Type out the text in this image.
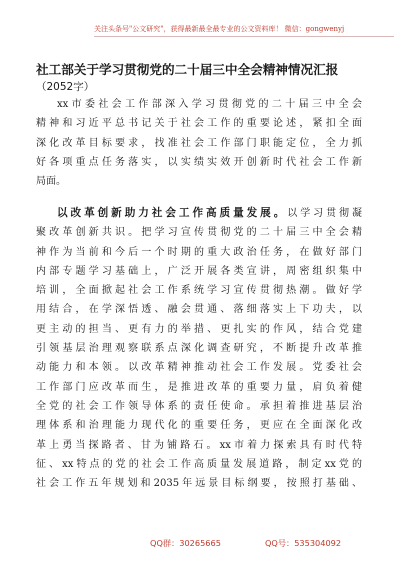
关注头条号"公文研究"，获得最新最全最专业的公文资料库！ 微信：gongwenyj
社工部关于学习贯彻党的二十届三中全会精神情况汇报
（2052字）
xx市委社会工作部深入学习贯彻党的二十届三中全会
精神和习近平总书记关于社会工作的重要论述，紧扣全面
深化改革目标要求，找准社会工作部门职能定位，全力抓
好各项重点任务落实，以实绩实效开创新时代社会工作新
局面。
以改革创新助力社会工作高质量发展。以学习贯彻凝
聚改革创新共识。把学习宣传贯彻党的二十届三中全会精
神作为当前和今后一个时期的重大政治任务，在做好部门
内部专题学习基础上，广泛开展各类宣讲，周密组织集中
培训，全面掀起社会工作系统学习宣传贯彻热潮。做好学
用结合，在学深悟透、融会贯通、落细落实上下功夫，以
更主动的担当、更有力的举措、更扎实的作风，结合党建
引领基层治理观察联系点深化调查研究，不断提升改革推
动能力和本领。以改革精神推动社会工作发展。党委社会
工作部门应改革而生，是推进改革的重要力量，肩负着健
全党的社会工作领导体系的责任使命。承担着推进基层治
理体系和治理能力现代化的重要任务，更应在全面深化改
革上勇当探路者、甘为铺路石。xx市着力探索具有时代特
征、xx特点的党的社会工作高质量发展道路，制定xx党的
社会工作五年规划和2035年远景目标纲要，按照打基础、
QQ群：30265665	QQ号：535304092
